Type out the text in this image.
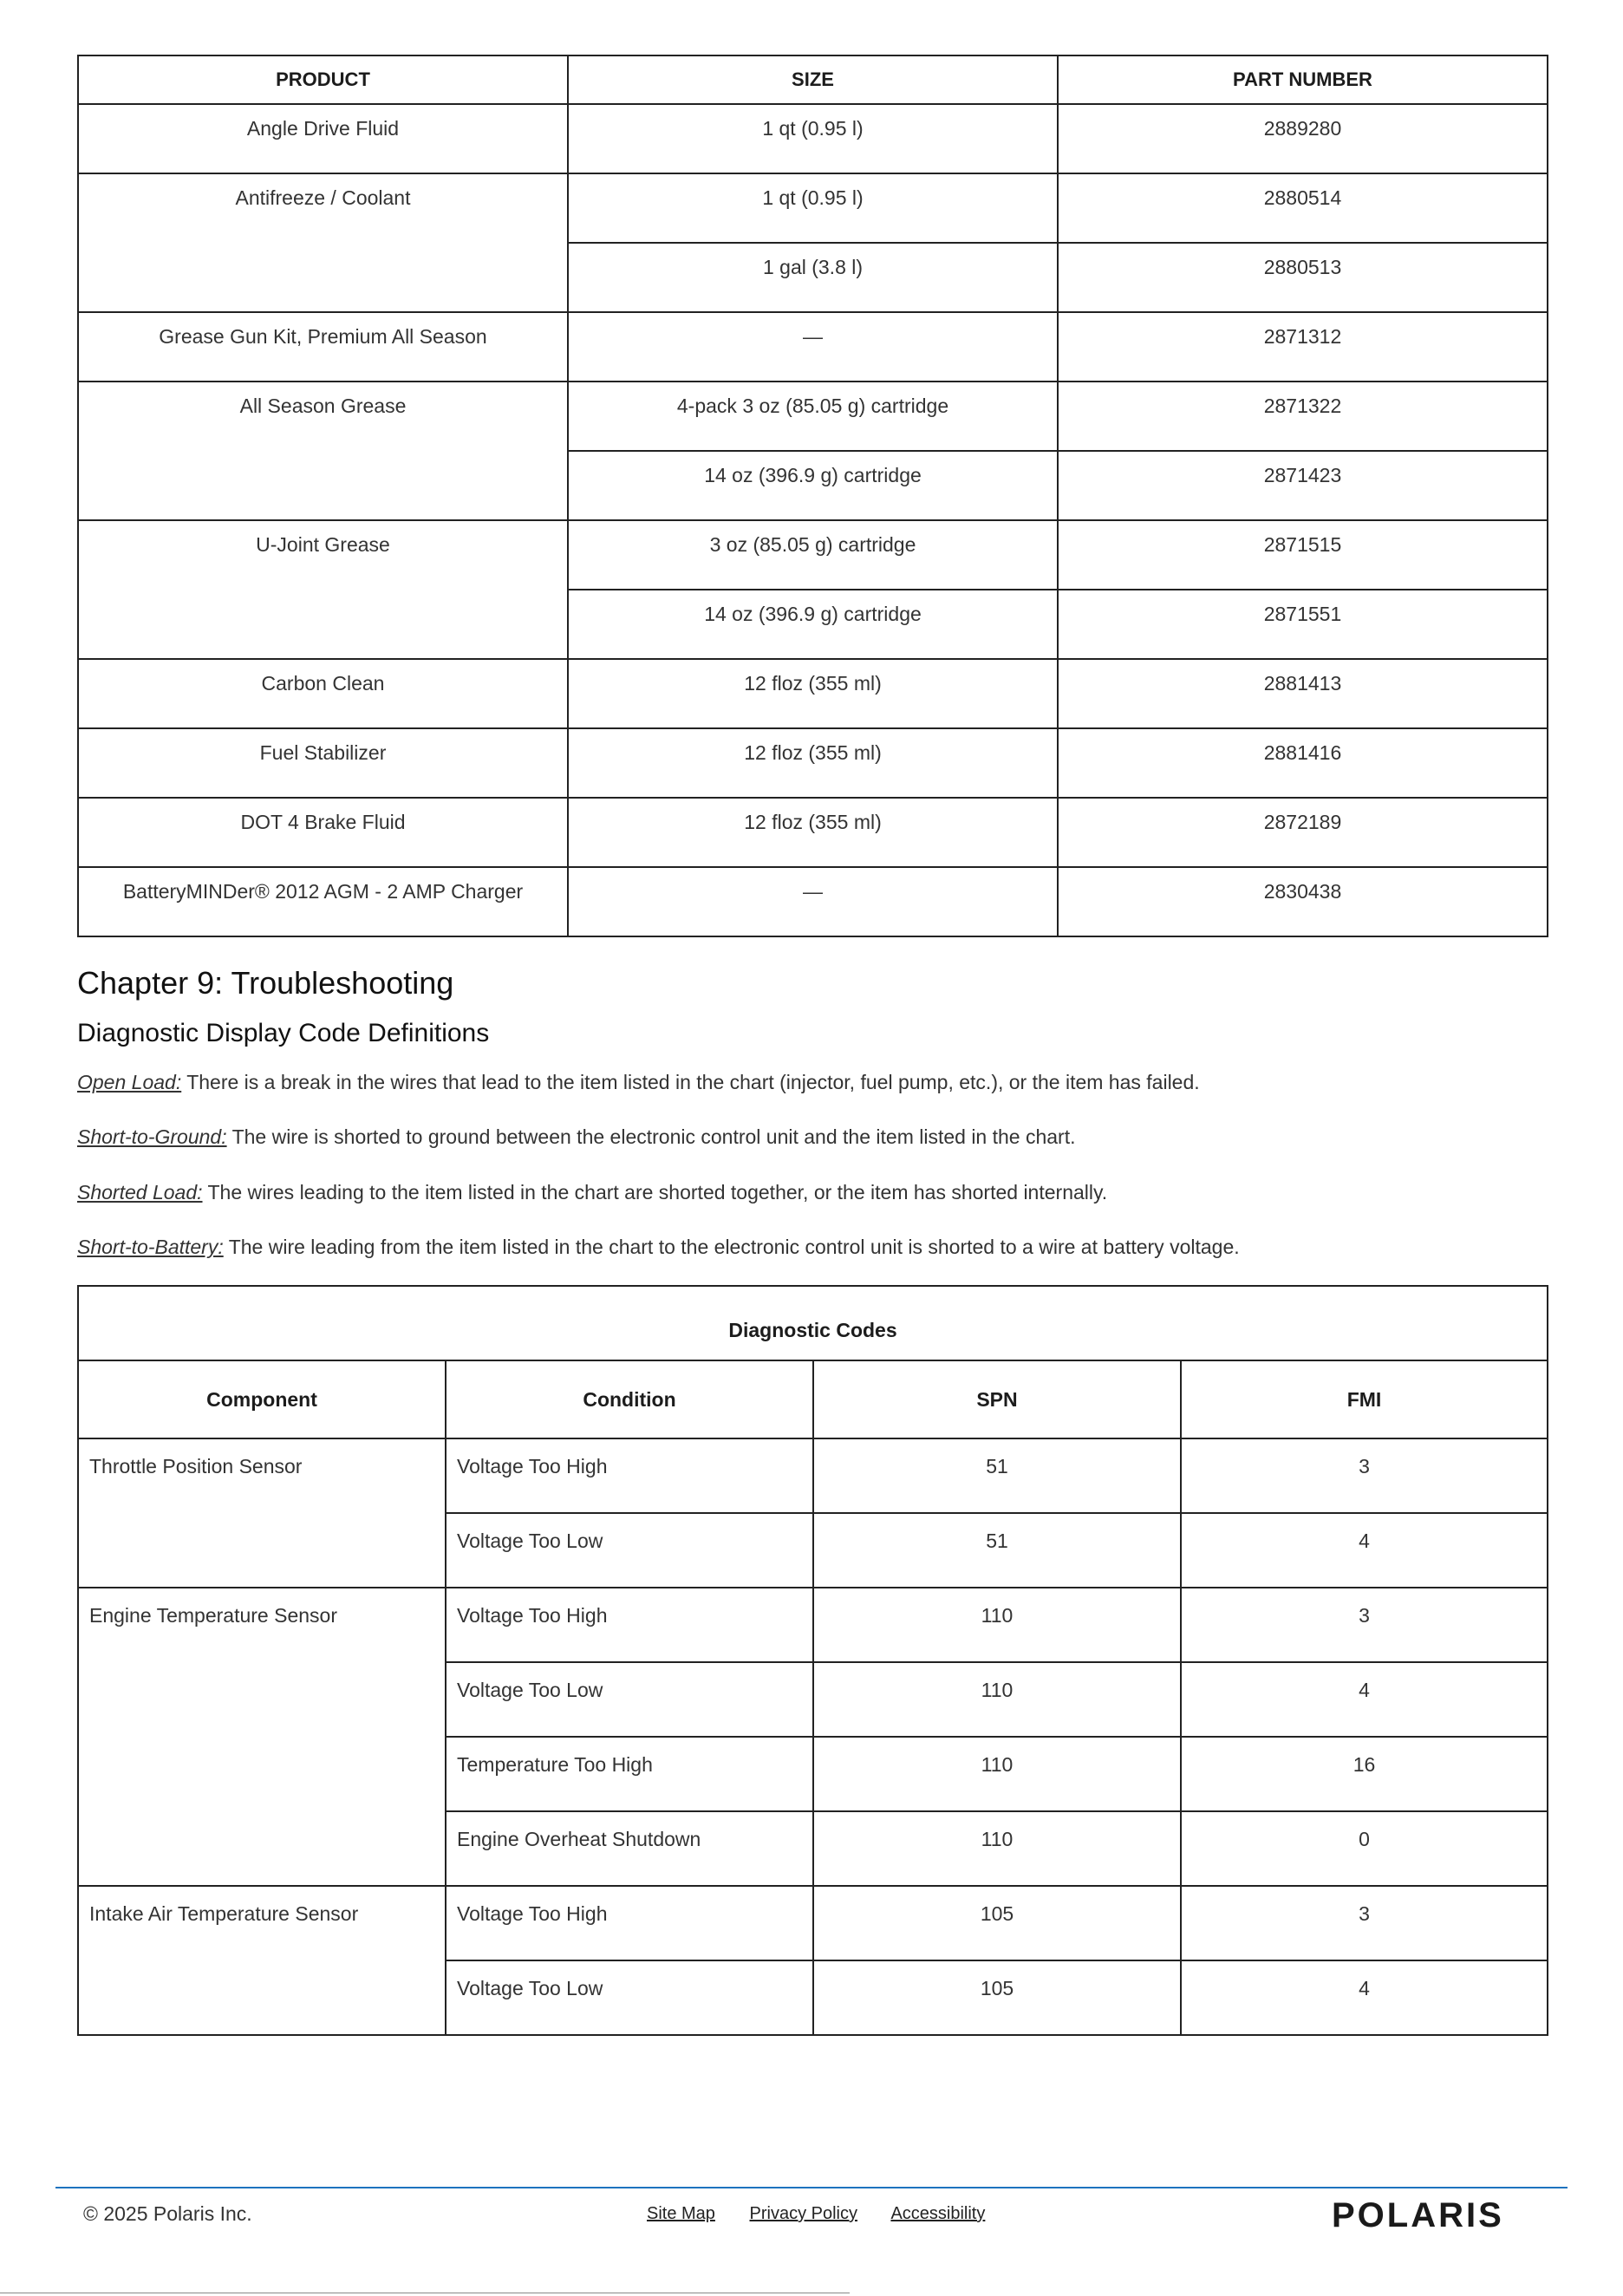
PRODUCT	SIZE	PART NUMBER
Angle Drive Fluid	1 qt (0.95 l)	2889280
Antifreeze / Coolant	1 qt (0.95 l)	2880514
	1 gal (3.8 l)	2880513
Grease Gun Kit, Premium All Season	—	2871312
All Season Grease	4-pack 3 oz (85.05 g) cartridge	2871322
	14 oz (396.9 g) cartridge	2871423
U-Joint Grease	3 oz (85.05 g) cartridge	2871515
	14 oz (396.9 g) cartridge	2871551
Carbon Clean	12 floz (355 ml)	2881413
Fuel Stabilizer	12 floz (355 ml)	2881416
DOT 4 Brake Fluid	12 floz (355 ml)	2872189
BatteryMINDer® 2012 AGM - 2 AMP Charger	—	2830438
Chapter 9: Troubleshooting
Diagnostic Display Code Definitions

Open Load: There is a break in the wires that lead to the item listed in the chart (injector, fuel pump, etc.), or the item has failed.

Short-to-Ground: The wire is shorted to ground between the electronic control unit and the item listed in the chart.

Shorted Load: The wires leading to the item listed in the chart are shorted together, or the item has shorted internally.

Short-to-Battery: The wire leading from the item listed in the chart to the electronic control unit is shorted to a wire at battery voltage.

Diagnostic Codes			
Component	Condition	SPN	FMI
Throttle Position Sensor	Voltage Too High	51	3
	Voltage Too Low	51	4
Engine Temperature Sensor	Voltage Too High	110	3
	Voltage Too Low	110	4
	Temperature Too High	110	16
	Engine Overheat Shutdown	110	0
Intake Air Temperature Sensor	Voltage Too High	105	3
	Voltage Too Low	105	4
© 2025 Polaris Inc.	Site Map Privacy Policy Accessibility	POLARIS
